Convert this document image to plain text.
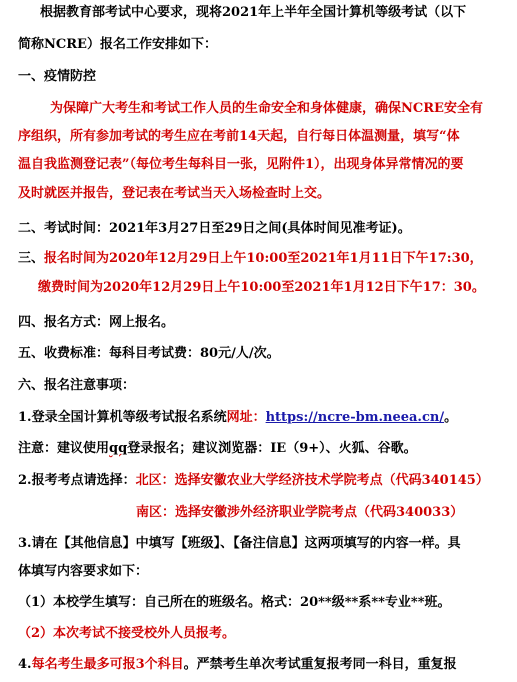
根据教育部考试中心要求，现将2021年上半年全国计算机等级考试（以下
简称NCRE）报名工作安排如下：
一、疫情防控
为保障广大考生和考试工作人员的生命安全和身体健康，确保NCRE安全有
序组织，所有参加考试的考生应在考前14天起，自行每日体温测量，填写“体
温自我监测登记表”（每位考生每科目一张，见附件1），出现身体异常情况的要
及时就医并报告，登记表在考试当天入场检查时上交。
二、考试时间：2021年3月27日至29日之间(具体时间见准考证)。
三、报名时间为2020年12月29日上午10:00至2021年1月11日下午17:30，
缴费时间为2020年12月29日上午10:00至2021年1月12日下午17：30。
四、报名方式：网上报名。
五、收费标准：每科目考试费：80元/人/次。
六、报名注意事项：
1.登录全国计算机等级考试报名系统网址：https://ncre-bm.neea.cn/。
注意：建议使用qq登录报名；建议浏览器：IE（9+）、火狐、谷歌。
2.报考考点请选择：北区：选择安徽农业大学经济技术学院考点（代码340145）
南区：选择安徽涉外经济职业学院考点（代码340033）
3.请在【其他信息】中填写【班级】、【备注信息】这两项填写的内容一样。具
体填写内容要求如下：
（1）本校学生填写：自己所在的班级名。格式：20**级**系**专业**班。
（2）本次考试不接受校外人员报考。
4.每名考生最多可报3个科目。严禁考生单次考试重复报考同一科目，重复报
